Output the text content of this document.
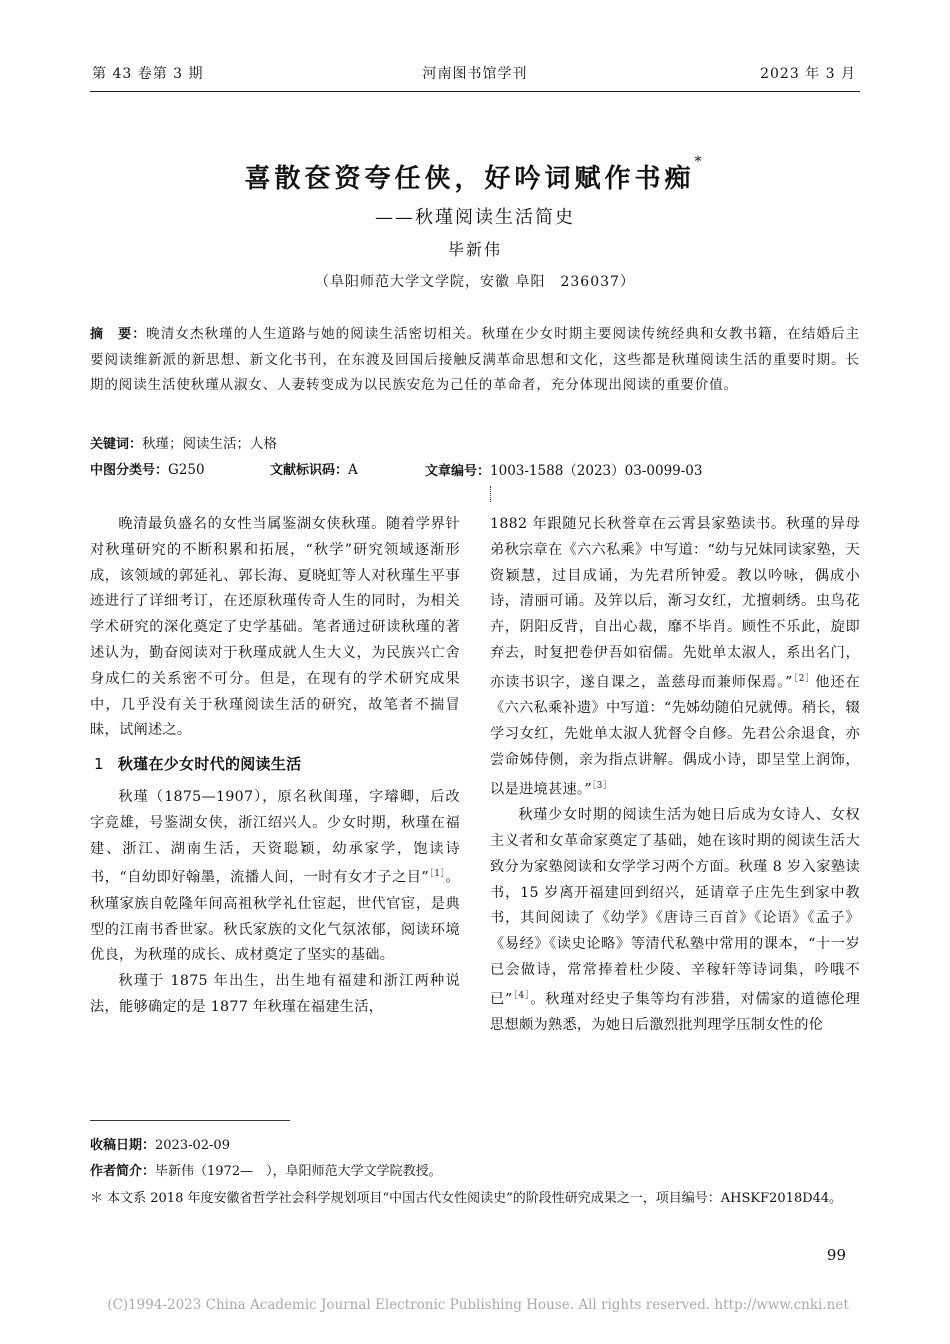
第 43 卷第 3 期	河南图书馆学刊	2023 年 3 月
喜散奁资夸任侠，好吟词赋作书痴*
——秋瑾阅读生活简史
毕新伟
（阜阳师范大学文学院，安徽 阜阳　236037）
摘　要：晚清女杰秋瑾的人生道路与她的阅读生活密切相关。秋瑾在少女时期主要阅读传统经典和女教书籍，在结婚后主要阅读维新派的新思想、新文化书刊，在东渡及回国后接触反满革命思想和文化，这些都是秋瑾阅读生活的重要时期。长期的阅读生活使秋瑾从淑女、人妻转变成为以民族安危为己任的革命者，充分体现出阅读的重要价值。
关键词：秋瑾；阅读生活；人格
中图分类号：G250	文献标识码：A	文章编号：1003-1588（2023）03-0099-03

晚清最负盛名的女性当属鉴湖女侠秋瑾。随着学界针对秋瑾研究的不断积累和拓展，“秋学”研究领域逐渐形成，该领域的郭延礼、郭长海、夏晓虹等人对秋瑾生平事迹进行了详细考订，在还原秋瑾传奇人生的同时，为相关学术研究的深化奠定了史学基础。笔者通过研读秋瑾的著述认为，勤奋阅读对于秋瑾成就人生大义，为民族兴亡舍身成仁的关系密不可分。但是，在现有的学术研究成果中，几乎没有关于秋瑾阅读生活的研究，故笔者不揣冒昧，试阐述之。

1 秋瑾在少女时代的阅读生活

秋瑾（1875—1907），原名秋闺瑾，字璿卿，后改字竞雄，号鉴湖女侠，浙江绍兴人。少女时期，秋瑾在福建、浙江、湖南生活，天资聪颖，幼承家学，饱读诗书，“自幼即好翰墨，流播人间，一时有女才子之目”$^{[1]}$。秋瑾家族自乾隆年间高祖秋学礼仕宦起，世代官宦，是典型的江南书香世家。秋氏家族的文化气氛浓郁，阅读环境优良，为秋瑾的成长、成材奠定了坚实的基础。

秋瑾于 1875 年出生，出生地有福建和浙江两种说法，能够确定的是 1877 年秋瑾在福建生活，

1882 年跟随兄长秋誉章在云霄县家塾读书。秋瑾的异母弟秋宗章在《六六私乘》中写道：“幼与兄妹同读家塾，天资颖慧，过目成诵，为先君所钟爱。教以吟咏，偶成小诗，清丽可诵。及笄以后，渐习女红，尤擅刺绣。虫鸟花卉，阴阳反背，自出心裁，靡不毕肖。顾性不乐此，旋即弃去，时复把卷伊吾如宿儒。先妣单太淑人，系出名门，亦读书识字，遂自课之，盖慈母而兼师保焉。”$^{[2]}$他还在《六六私乘补遗》中写道：“先姊幼随伯兄就傅。稍长，辍学习女红，先妣单太淑人犹督令自修。先君公余退食，亦尝命姊侍侧，亲为指点讲解。偶成小诗，即呈堂上润饰，以是进境甚速。”$^{[3]}$

秋瑾少女时期的阅读生活为她日后成为女诗人、女权主义者和女革命家奠定了基础，她在该时期的阅读生活大致分为家塾阅读和女学学习两个方面。秋瑾 8 岁入家塾读书，15 岁离开福建回到绍兴，延请章子庄先生到家中教书，其间阅读了《幼学》《唐诗三百首》《论语》《孟子》《易经》《读史论略》等清代私塾中常用的课本，“十一岁已会做诗，常常捧着杜少陵、辛稼轩等诗词集，吟哦不已”$^{[4]}$。秋瑾对经史子集等均有涉猎，对儒家的道德伦理思想颇为熟悉，为她日后激烈批判理学压制女性的伦

收稿日期：2023-02-09
作者简介：毕新伟（1972—　），阜阳师范大学文学院教授。
＊ 本文系 2018 年度安徽省哲学社会科学规划项目“中国古代女性阅读史”的阶段性研究成果之一，项目编号：AHSKF2018D44。
99
(C)1994-2023 China Academic Journal Electronic Publishing House. All rights reserved. http://www.cnki.net
